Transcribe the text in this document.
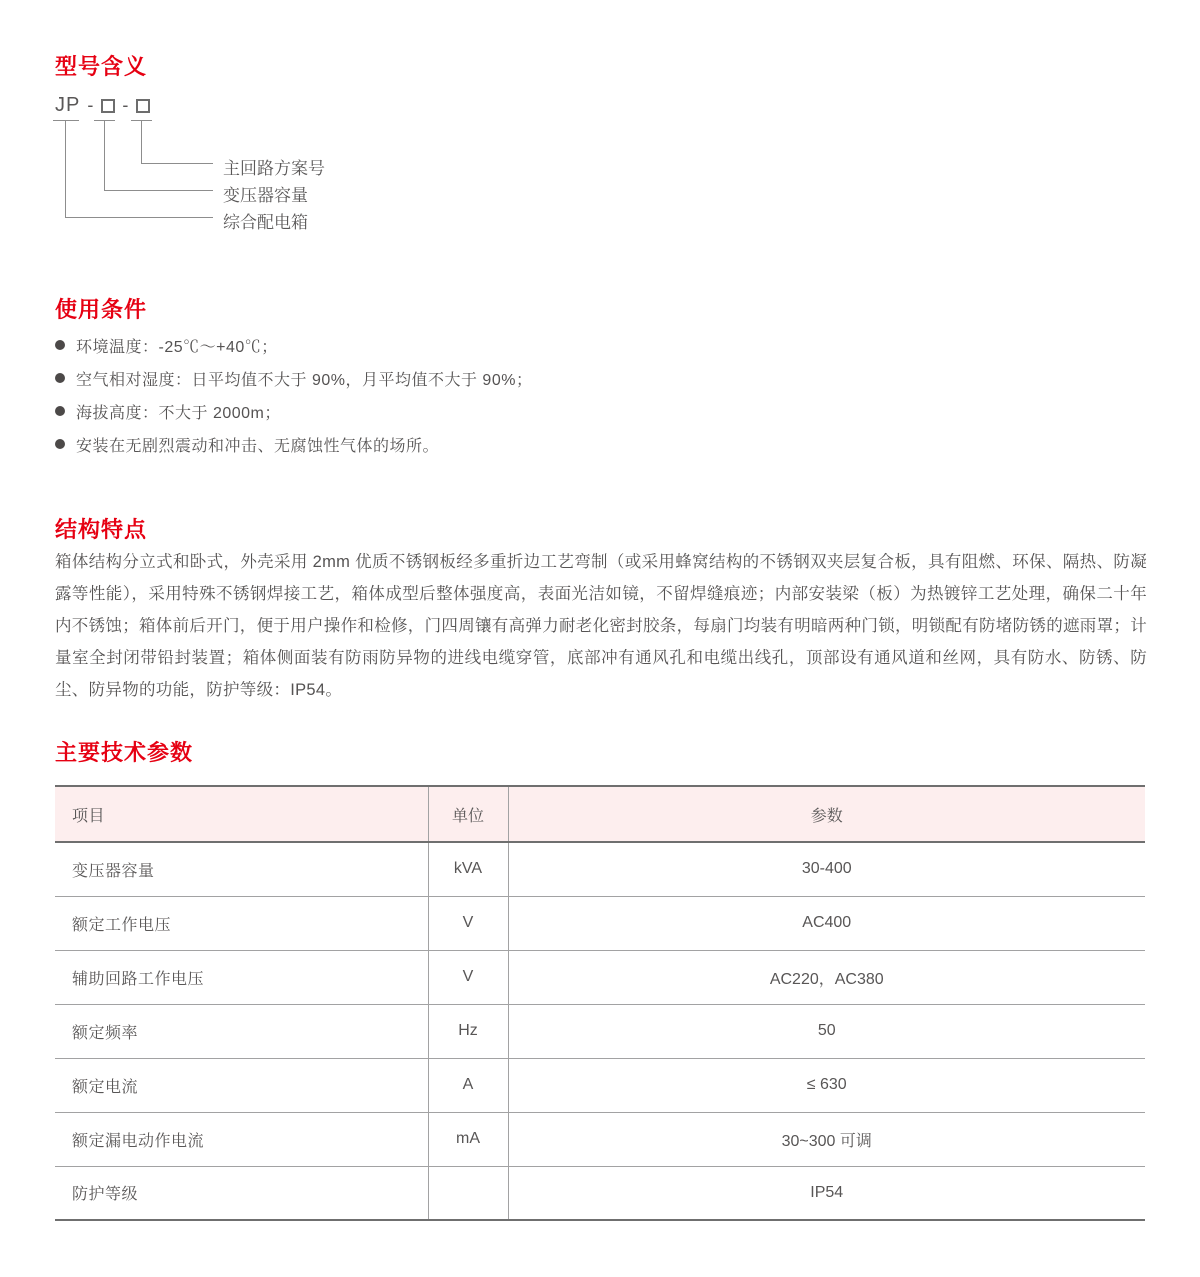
型号含义
JP - -
主回路方案号
变压器容量
综合配电箱
使用条件
环境温度：-25℃～+40℃；
空气相对湿度：日平均值不大于 90%，月平均值不大于 90%；
海拔高度：不大于 2000m；
安装在无剧烈震动和冲击、无腐蚀性气体的场所。
结构特点

箱体结构分立式和卧式，外壳采用 2mm 优质不锈钢板经多重折边工艺弯制（或采用蜂窝结构的不锈钢双夹层复合板，具有阻燃、环保、隔热、防凝露等性能），采用特殊不锈钢焊接工艺，箱体成型后整体强度高，表面光洁如镜，不留焊缝痕迹；内部安装梁（板）为热镀锌工艺处理，确保二十年内不锈蚀；箱体前后开门，便于用户操作和检修，门四周镶有高弹力耐老化密封胶条，每扇门均装有明暗两种门锁，明锁配有防堵防锈的遮雨罩；计量室全封闭带铅封装置；箱体侧面装有防雨防异物的进线电缆穿管，底部冲有通风孔和电缆出线孔，顶部设有通风道和丝网，具有防水、防锈、防尘、防异物的功能，防护等级：IP54。

主要技术参数
项目	单位	参数
变压器容量	kVA	30-400
额定工作电压	V	AC400
辅助回路工作电压	V	AC220，AC380
额定频率	Hz	50
额定电流	A	≤ 630
额定漏电动作电流	mA	30~300 可调
防护等级		IP54
